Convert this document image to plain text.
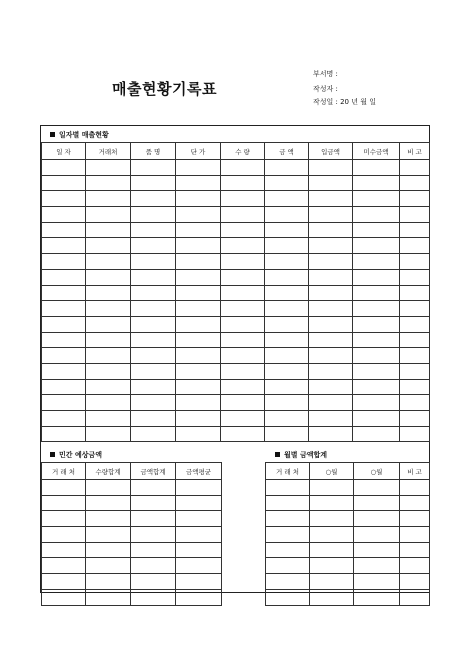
매출현황기록표
부서명 :
작성자 :
작성일 : 20 년 월 일
일자별 매출현황
일 자	거래처	품 명	단 가	수 량	금 액	입금액	미수금액	비 고

민간 예상금액	월별 금액합계
거 래 처	수량합계	금액합계	금액평균

				거 래 처	○월	○월	비 고
